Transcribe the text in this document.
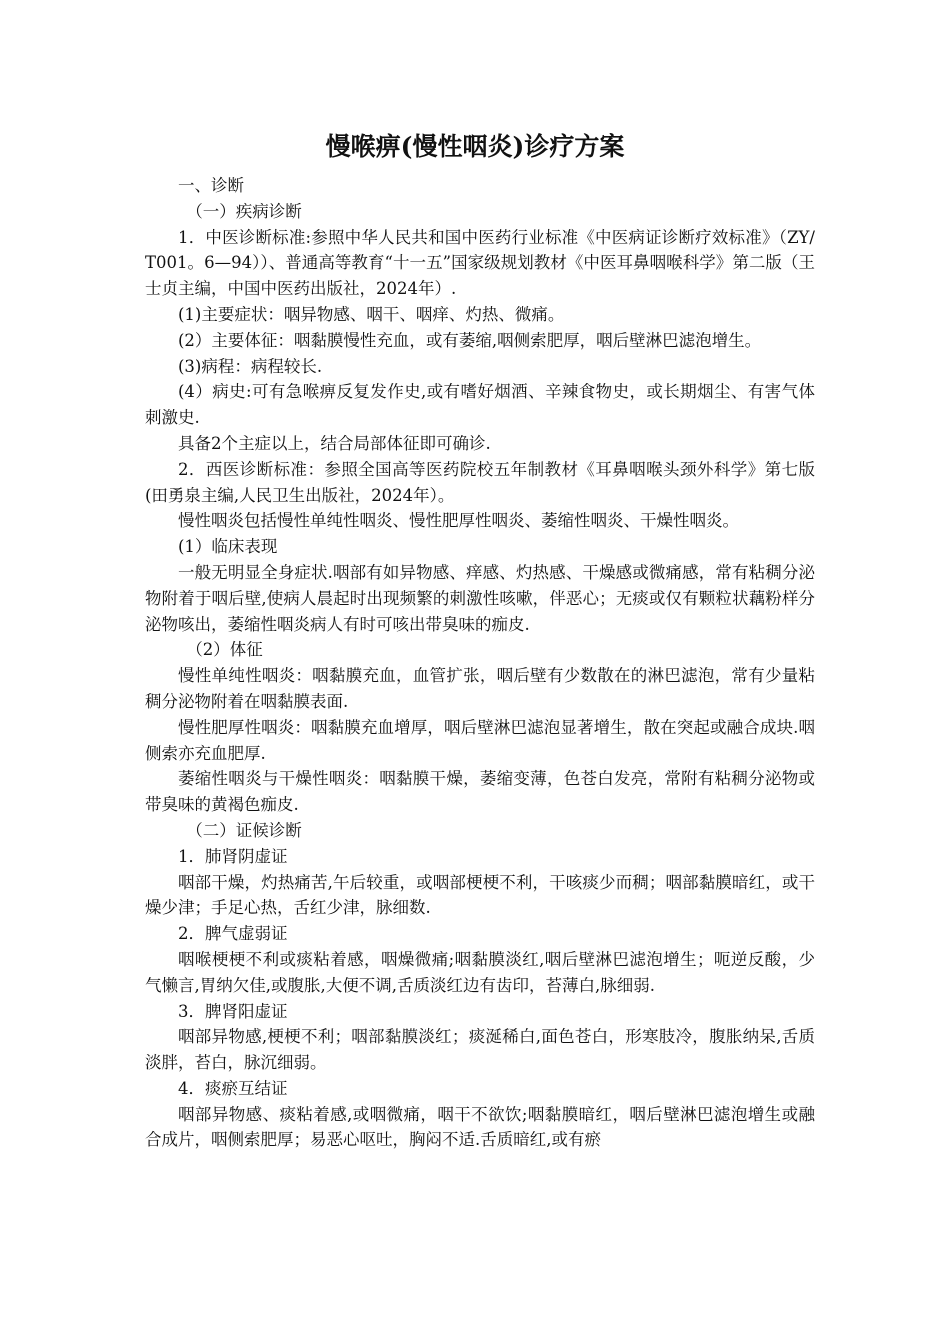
慢喉痹(慢性咽炎)诊疗方案

一、诊断

（一）疾病诊断

1．中医诊断标准:参照中华人民共和国中医药行业标准《中医病证诊断疗效标准》（ZY/T001。6—94））、普通高等教育“十一五”国家级规划教材《中医耳鼻咽喉科学》第二版（王士贞主编，中国中医药出版社，2024年）.

(1)主要症状：咽异物感、咽干、咽痒、灼热、微痛。

(2）主要体征：咽黏膜慢性充血，或有萎缩,咽侧索肥厚，咽后壁淋巴滤泡增生。

(3)病程：病程较长.

(4）病史:可有急喉痹反复发作史,或有嗜好烟酒、辛辣食物史，或长期烟尘、有害气体刺激史.

具备2个主症以上，结合局部体征即可确诊.

2．西医诊断标准：参照全国高等医药院校五年制教材《耳鼻咽喉头颈外科学》第七版(田勇泉主编,人民卫生出版社，2024年）。

慢性咽炎包括慢性单纯性咽炎、慢性肥厚性咽炎、萎缩性咽炎、干燥性咽炎。

(1）临床表现

一般无明显全身症状.咽部有如异物感、痒感、灼热感、干燥感或微痛感，常有粘稠分泌物附着于咽后壁,使病人晨起时出现频繁的刺激性咳嗽，伴恶心；无痰或仅有颗粒状藕粉样分泌物咳出，萎缩性咽炎病人有时可咳出带臭味的痂皮.

（2）体征

慢性单纯性咽炎：咽黏膜充血，血管扩张，咽后壁有少数散在的淋巴滤泡，常有少量粘稠分泌物附着在咽黏膜表面.

慢性肥厚性咽炎：咽黏膜充血增厚，咽后壁淋巴滤泡显著增生，散在突起或融合成块.咽侧索亦充血肥厚.

萎缩性咽炎与干燥性咽炎：咽黏膜干燥，萎缩变薄，色苍白发亮，常附有粘稠分泌物或带臭味的黄褐色痂皮.

（二）证候诊断

1．肺肾阴虚证

咽部干燥，灼热痛苦,午后较重，或咽部梗梗不利，干咳痰少而稠；咽部黏膜暗红，或干燥少津；手足心热，舌红少津，脉细数.

2．脾气虚弱证

咽喉梗梗不利或痰粘着感，咽燥微痛;咽黏膜淡红,咽后壁淋巴滤泡增生；呃逆反酸，少气懒言,胃纳欠佳,或腹胀,大便不调,舌质淡红边有齿印，苔薄白,脉细弱.

3．脾肾阳虚证

咽部异物感,梗梗不利；咽部黏膜淡红；痰涎稀白,面色苍白，形寒肢冷，腹胀纳呆,舌质淡胖，苔白，脉沉细弱。

4．痰瘀互结证

咽部异物感、痰粘着感,或咽微痛，咽干不欲饮;咽黏膜暗红，咽后壁淋巴滤泡增生或融合成片，咽侧索肥厚；易恶心呕吐，胸闷不适.舌质暗红,或有瘀
